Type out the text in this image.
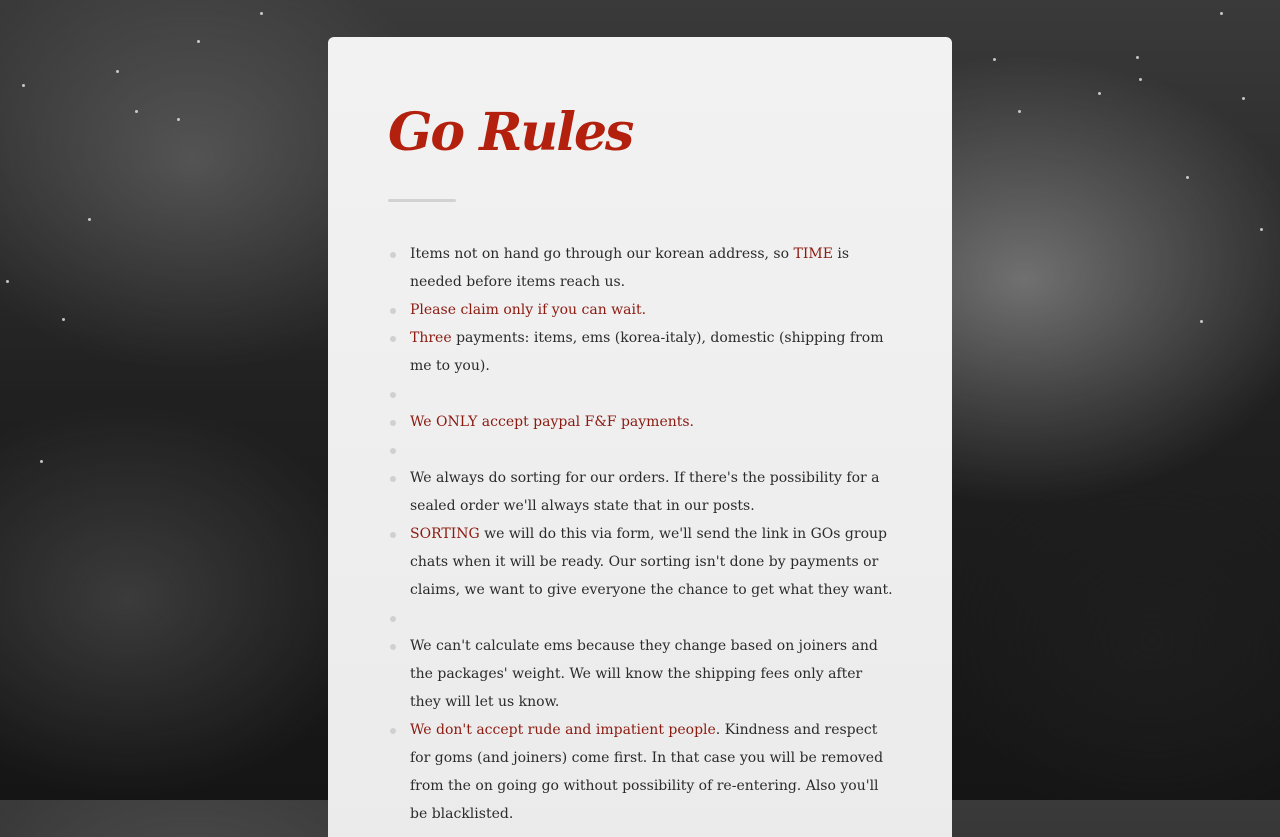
Go Rules
Items not on hand go through our korean address, so TIME is needed before items reach us.
Please claim only if you can wait.
Three payments: items, ems (korea-italy), domestic (shipping from me to you).
We ONLY accept paypal F&F payments.
We always do sorting for our orders. If there's the possibility for a sealed order we'll always state that in our posts.
SORTING we will do this via form, we'll send the link in GOs group chats when it will be ready. Our sorting isn't done by payments or claims, we want to give everyone the chance to get what they want.
We can't calculate ems because they change based on joiners and the packages' weight. We will know the shipping fees only after they will let us know.
We don't accept rude and impatient people. Kindness and respect for goms (and joiners) come first. In that case you will be removed from the on going go without possibility of re-entering. Also you'll be blacklisted.
